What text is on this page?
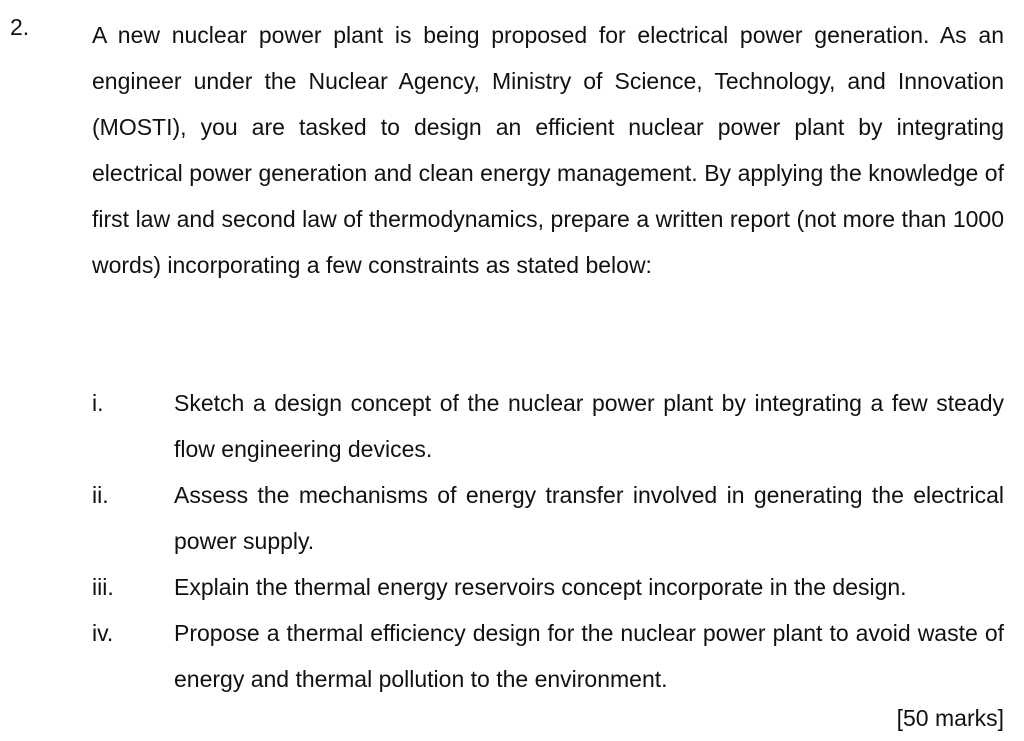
2.	A new nuclear power plant is being proposed for electrical power generation. As an engineer under the Nuclear Agency, Ministry of Science, Technology, and Innovation (MOSTI), you are tasked to design an efficient nuclear power plant by integrating electrical power generation and clean energy management. By applying the knowledge of first law and second law of thermodynamics, prepare a written report (not more than 1000 words) incorporating a few constraints as stated below:

i.	Sketch a design concept of the nuclear power plant by integrating a few steady flow engineering devices.
ii.	Assess the mechanisms of energy transfer involved in generating the electrical power supply.
iii.	Explain the thermal energy reservoirs concept incorporate in the design.
iv.	Propose a thermal efficiency design for the nuclear power plant to avoid waste of energy and thermal pollution to the environment.
[50 marks]
